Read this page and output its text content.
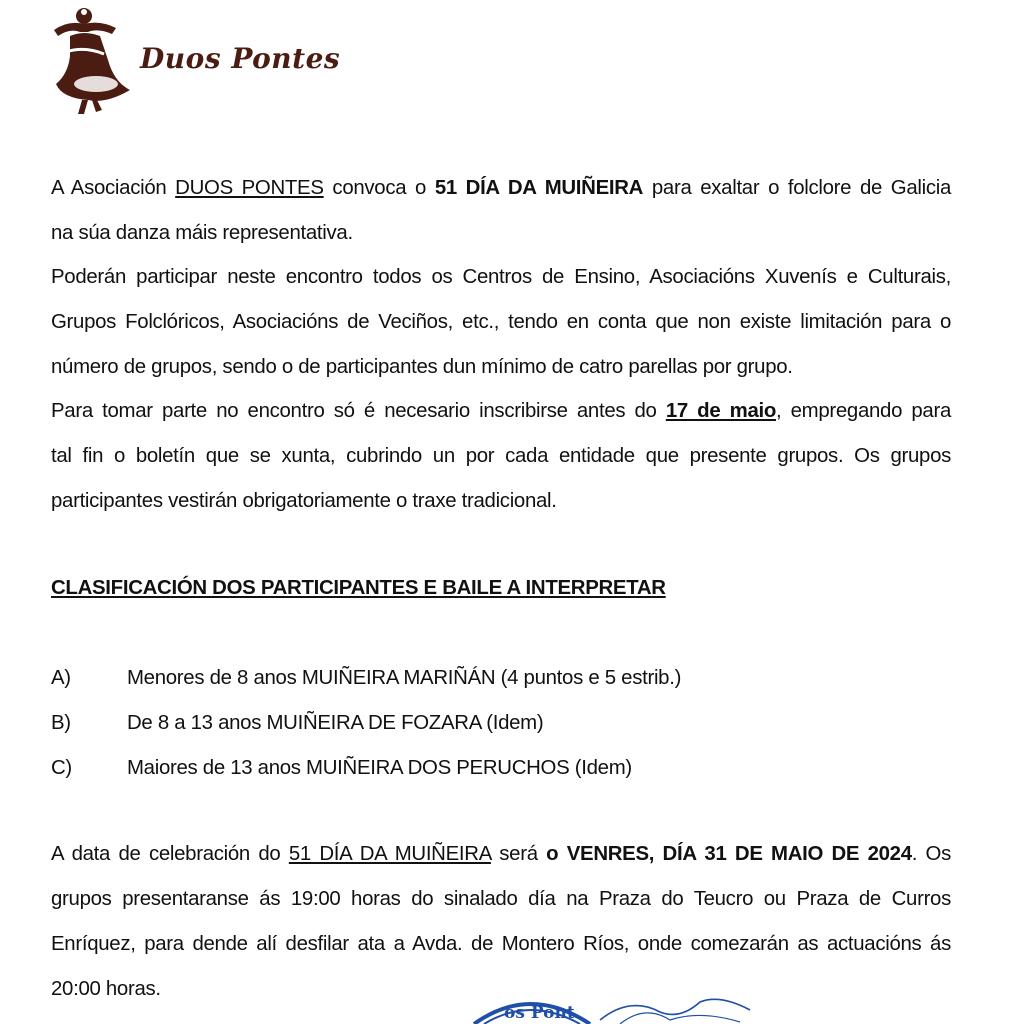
Duos Pontes
A Asociación DUOS PONTES convoca o 51 DÍA DA MUIÑEIRA para exaltar o folclore de Galicia
na súa danza máis representativa.
Poderán participar neste encontro todos os Centros de Ensino, Asociacións Xuvenís e Culturais,
Grupos Folclóricos, Asociacións de Veciños, etc., tendo en conta que non existe limitación para o
número de grupos, sendo o de participantes dun mínimo de catro parellas por grupo.
Para tomar parte no encontro só é necesario inscribirse antes do 17 de maio, empregando para
tal fin o boletín que se xunta, cubrindo un por cada entidade que presente grupos. Os grupos
participantes vestirán obrigatoriamente o traxe tradicional.
CLASIFICACIÓN DOS PARTICIPANTES E BAILE A INTERPRETAR
A)	Menores de 8 anos MUIÑEIRA MARIÑÁN (4 puntos e 5 estrib.)
B)	De 8 a 13 anos MUIÑEIRA DE FOZARA (Idem)
C)	Maiores de 13 anos MUIÑEIRA DOS PERUCHOS (Idem)
A data de celebración do 51 DÍA DA MUIÑEIRA será o VENRES, DÍA 31 DE MAIO DE 2024. Os
grupos presentaranse ás 19:00 horas do sinalado día na Praza do Teucro ou Praza de Curros
Enríquez, para dende alí desfilar ata a Avda. de Montero Ríos, onde comezarán as actuacións ás
20:00 horas.
os Pont
